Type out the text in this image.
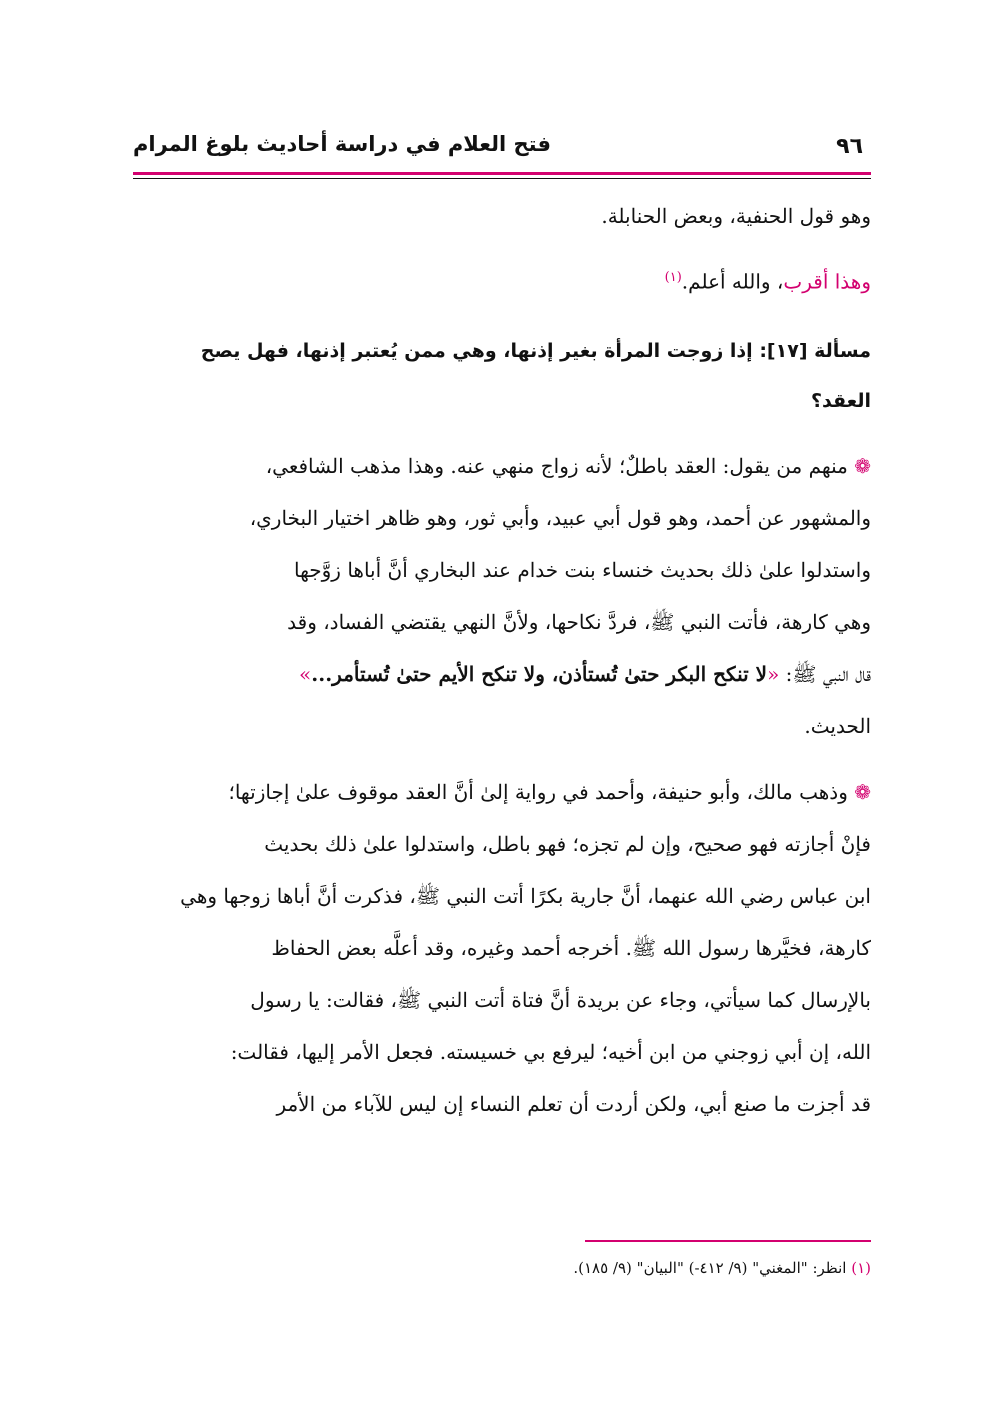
٩٦
فتح العلام في دراسة أحاديث بلوغ المرام
وهو قول الحنفية، وبعض الحنابلة.
وهذا أقرب، والله أعلم.$^{(١)}$
مسألة [١٧]: إذا زوجت المرأة بغير إذنها، وهي ممن يُعتبر إذنها، فهل يصح
العقد؟
❁ منهم من يقول: العقد باطلٌ؛ لأنه زواج منهي عنه. وهذا مذهب الشافعي،
والمشهور عن أحمد، وهو قول أبي عبيد، وأبي ثور، وهو ظاهر اختيار البخاري،
واستدلوا علىٰ ذلك بحديث خنساء بنت خدام عند البخاري أنَّ أباها زوَّجها
وهي كارهة، فأتت النبي ﷺ، فردَّ نكاحها، ولأنَّ النهي يقتضي الفساد، وقد
قال النبي ﷺ: «لا تنكح البكر حتىٰ تُستأذن، ولا تنكح الأيم حتىٰ تُستأمر...»
الحديث.
❁ وذهب مالك، وأبو حنيفة، وأحمد في رواية إلىٰ أنَّ العقد موقوف علىٰ إجازتها؛
فإنْ أجازته فهو صحيح، وإن لم تجزه؛ فهو باطل، واستدلوا علىٰ ذلك بحديث
ابن عباس رضي الله عنهما، أنَّ جارية بكرًا أتت النبي ﷺ، فذكرت أنَّ أباها زوجها وهي
كارهة، فخيَّرها رسول الله ﷺ. أخرجه أحمد وغيره، وقد أعلَّه بعض الحفاظ
بالإرسال كما سيأتي، وجاء عن بريدة أنَّ فتاة أتت النبي ﷺ، فقالت: يا رسول
الله، إن أبي زوجني من ابن أخيه؛ ليرفع بي خسيسته. فجعل الأمر إليها، فقالت:
قد أجزت ما صنع أبي، ولكن أردت أن تعلم النساء إن ليس للآباء من الأمر
(١) انظر: "المغني" (٩/ ٤١٢-) "البيان" (٩/ ١٨٥).
